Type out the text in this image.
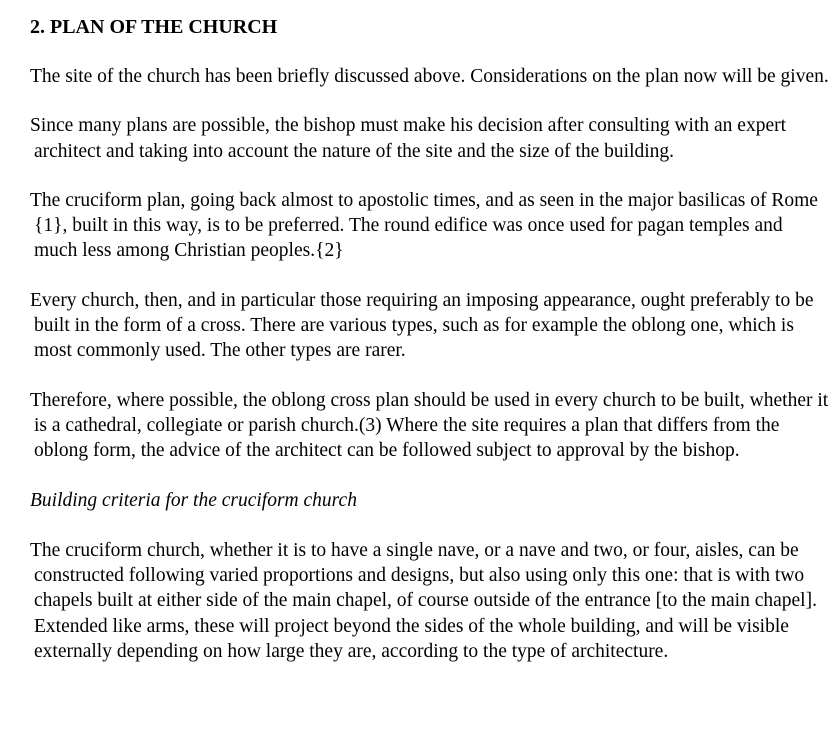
2. PLAN OF THE CHURCH

The site of the church has been briefly discussed above. Considerations on the plan now will be given.

Since many plans are possible, the bishop must make his decision after consulting with an expert architect and taking into account the nature of the site and the size of the building.

The cruciform plan, going back almost to apostolic times, and as seen in the major basilicas of Rome {1}, built in this way, is to be preferred. The round edifice was once used for pagan temples and much less among Christian peoples.{2}

Every church, then, and in particular those requiring an imposing appearance, ought preferably to be built in the form of a cross. There are various types, such as for example the oblong one, which is most commonly used. The other types are rarer.

Therefore, where possible, the oblong cross plan should be used in every church to be built, whether it is a cathedral, collegiate or parish church.(3) Where the site requires a plan that differs from the oblong form, the advice of the architect can be followed subject to approval by the bishop.

Building criteria for the cruciform church

The cruciform church, whether it is to have a single nave, or a nave and two, or four, aisles, can be constructed following varied proportions and designs, but also using only this one: that is with two chapels built at either side of the main chapel, of course outside of the entrance [to the main chapel]. Extended like arms, these will project beyond the sides of the whole building, and will be visible externally depending on how large they are, according to the type of architecture.
